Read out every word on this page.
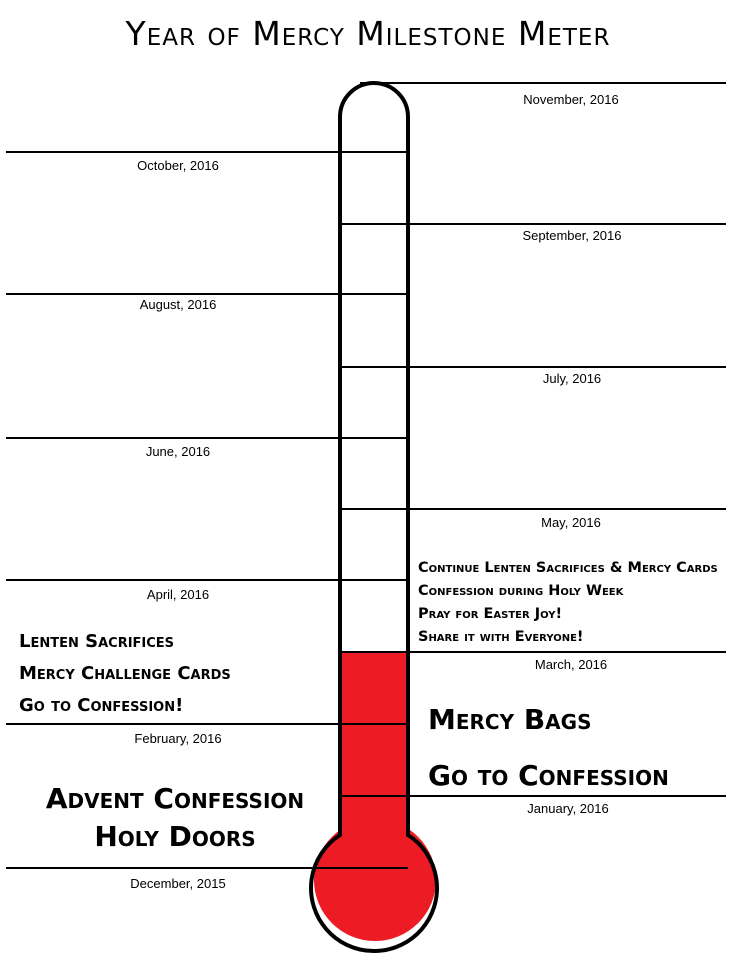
Year of Mercy Milestone Meter
December, 2015
January, 2016
February, 2016
March, 2016
April, 2016
May, 2016
June, 2016
July, 2016
August, 2016
September, 2016
October, 2016
November, 2016
Continue Lenten Sacrifices & Mercy Cards
Confession during Holy Week
Pray for Easter Joy!
Share it with Everyone!
Lenten Sacrifices
Mercy Challenge Cards
Go to Confession!	Mercy Bags
Go to Confession
Advent Confession
Holy Doors
